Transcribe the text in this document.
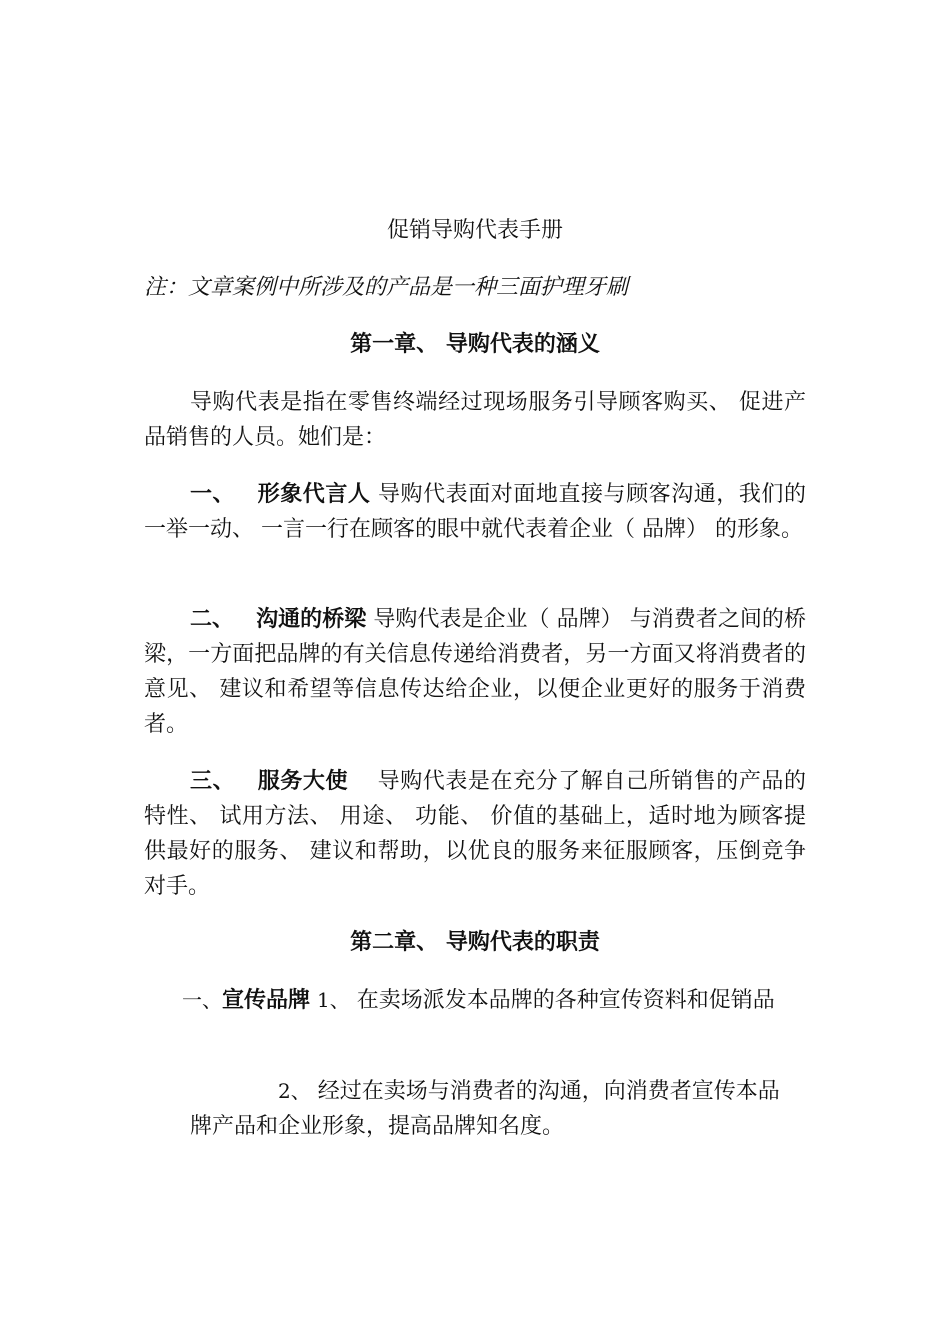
促销导购代表手册
注：文章案例中所涉及的产品是一种三面护理牙刷
第一章、 导购代表的涵义
导购代表是指在零售终端经过现场服务引导顾客购买、 促进产品销售的人员。她们是：
一、 形象代言人 导购代表面对面地直接与顾客沟通，我们的一举一动、 一言一行在顾客的眼中就代表着企业（ 品牌） 的形象。
二、 沟通的桥梁 导购代表是企业（ 品牌） 与消费者之间的桥梁，一方面把品牌的有关信息传递给消费者，另一方面又将消费者的意见、 建议和希望等信息传达给企业，以便企业更好的服务于消费者。
三、 服务大使 导购代表是在充分了解自己所销售的产品的特性、 试用方法、 用途、 功能、 价值的基础上，适时地为顾客提供最好的服务、 建议和帮助，以优良的服务来征服顾客，压倒竞争对手。
第二章、 导购代表的职责
一、宣传品牌 1、 在卖场派发本品牌的各种宣传资料和促销品
2、 经过在卖场与消费者的沟通，向消费者宣传本品牌产品和企业形象，提高品牌知名度。
